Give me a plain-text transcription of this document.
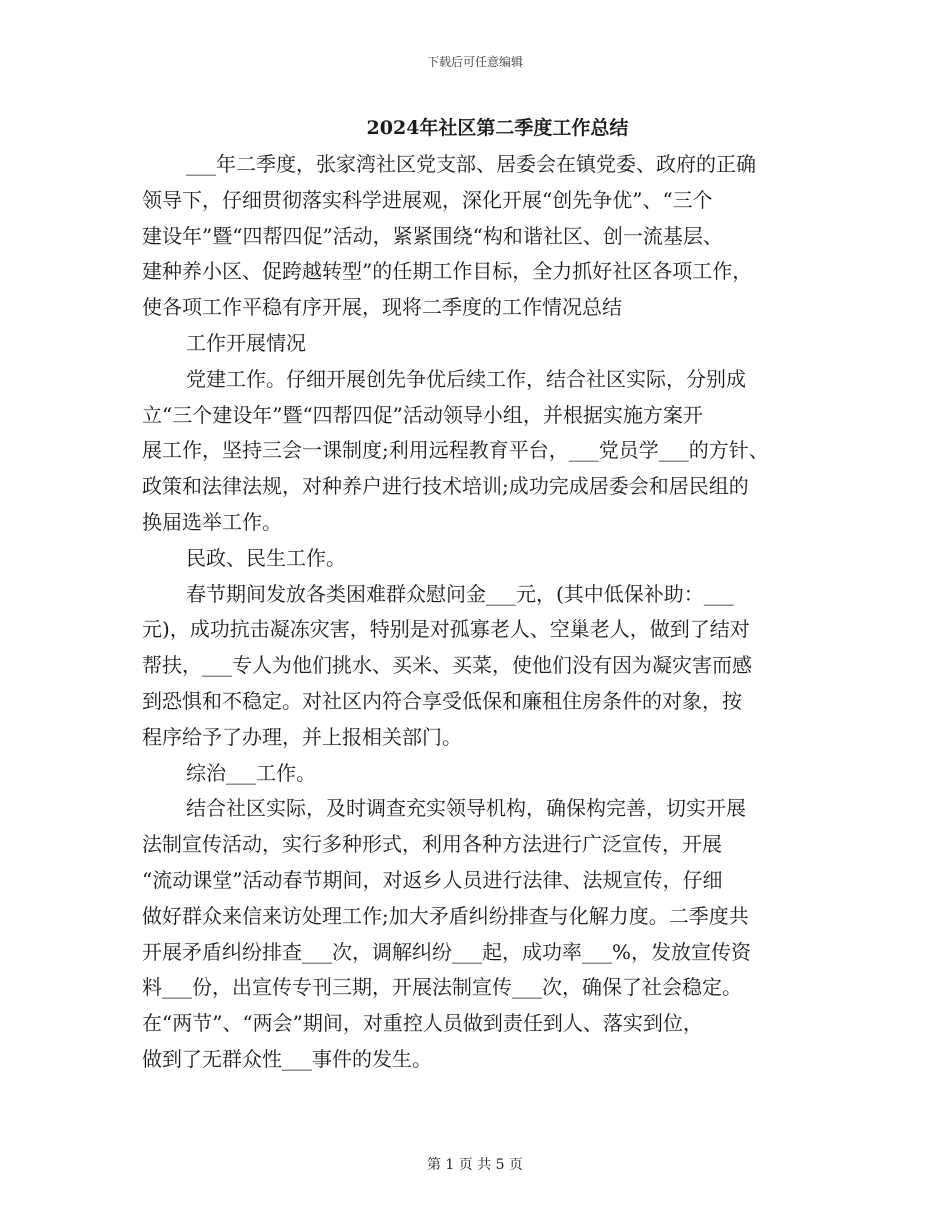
下载后可任意编辑
2024年社区第二季度工作总结

___年二季度，张家湾社区党支部、居委会在镇党委、政府的正确
领导下，仔细贯彻落实科学进展观，深化开展“创先争优”、“三个
建设年”暨“四帮四促”活动，紧紧围绕“构和谐社区、创一流基层、
建种养小区、促跨越转型”的任期工作目标，全力抓好社区各项工作，
使各项工作平稳有序开展，现将二季度的工作情况总结

工作开展情况

党建工作。仔细开展创先争优后续工作，结合社区实际，分别成
立“三个建设年”暨“四帮四促”活动领导小组，并根据实施方案开
展工作，坚持三会一课制度;利用远程教育平台，___党员学___的方针、
政策和法律法规，对种养户进行技术培训;成功完成居委会和居民组的
换届选举工作。

民政、民生工作。

春节期间发放各类困难群众慰问金___元，(其中低保补助：___
元)，成功抗击凝冻灾害，特别是对孤寡老人、空巢老人，做到了结对
帮扶，___专人为他们挑水、买米、买菜，使他们没有因为凝灾害而感
到恐惧和不稳定。对社区内符合享受低保和廉租住房条件的对象，按
程序给予了办理，并上报相关部门。

综治___工作。

结合社区实际，及时调查充实领导机构，确保构完善，切实开展
法制宣传活动，实行多种形式，利用各种方法进行广泛宣传，开展
“流动课堂”活动春节期间，对返乡人员进行法律、法规宣传，仔细
做好群众来信来访处理工作;加大矛盾纠纷排查与化解力度。二季度共
开展矛盾纠纷排查___次，调解纠纷___起，成功率___%，发放宣传资
料___份，出宣传专刊三期，开展法制宣传___次，确保了社会稳定。
在“两节”、“两会”期间，对重控人员做到责任到人、落实到位，
做到了无群众性___事件的发生。

第 1 页 共 5 页
